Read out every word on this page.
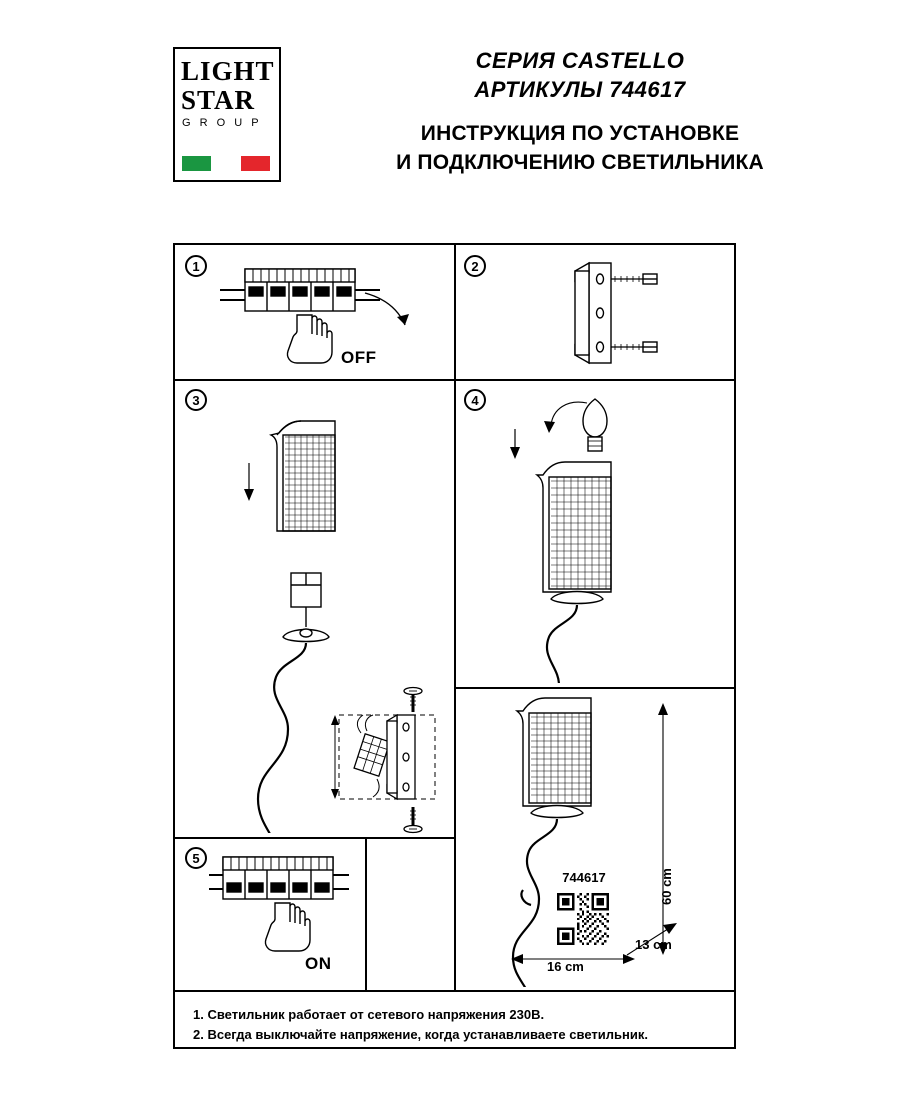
LIGHT
STAR
G R O U P
СЕРИЯ CASTELLO
АРТИКУЛЫ 744617
ИНСТРУКЦИЯ ПО УСТАНОВКЕ
И ПОДКЛЮЧЕНИЮ СВЕТИЛЬНИКА
1
OFF
2
3	4
60 cm
16 cm
13 cm
5
ON
744617
1. Светильник работает от сетевого напряжения 230В.
2. Всегда выключайте напряжение, когда устанавливаете светильник.
